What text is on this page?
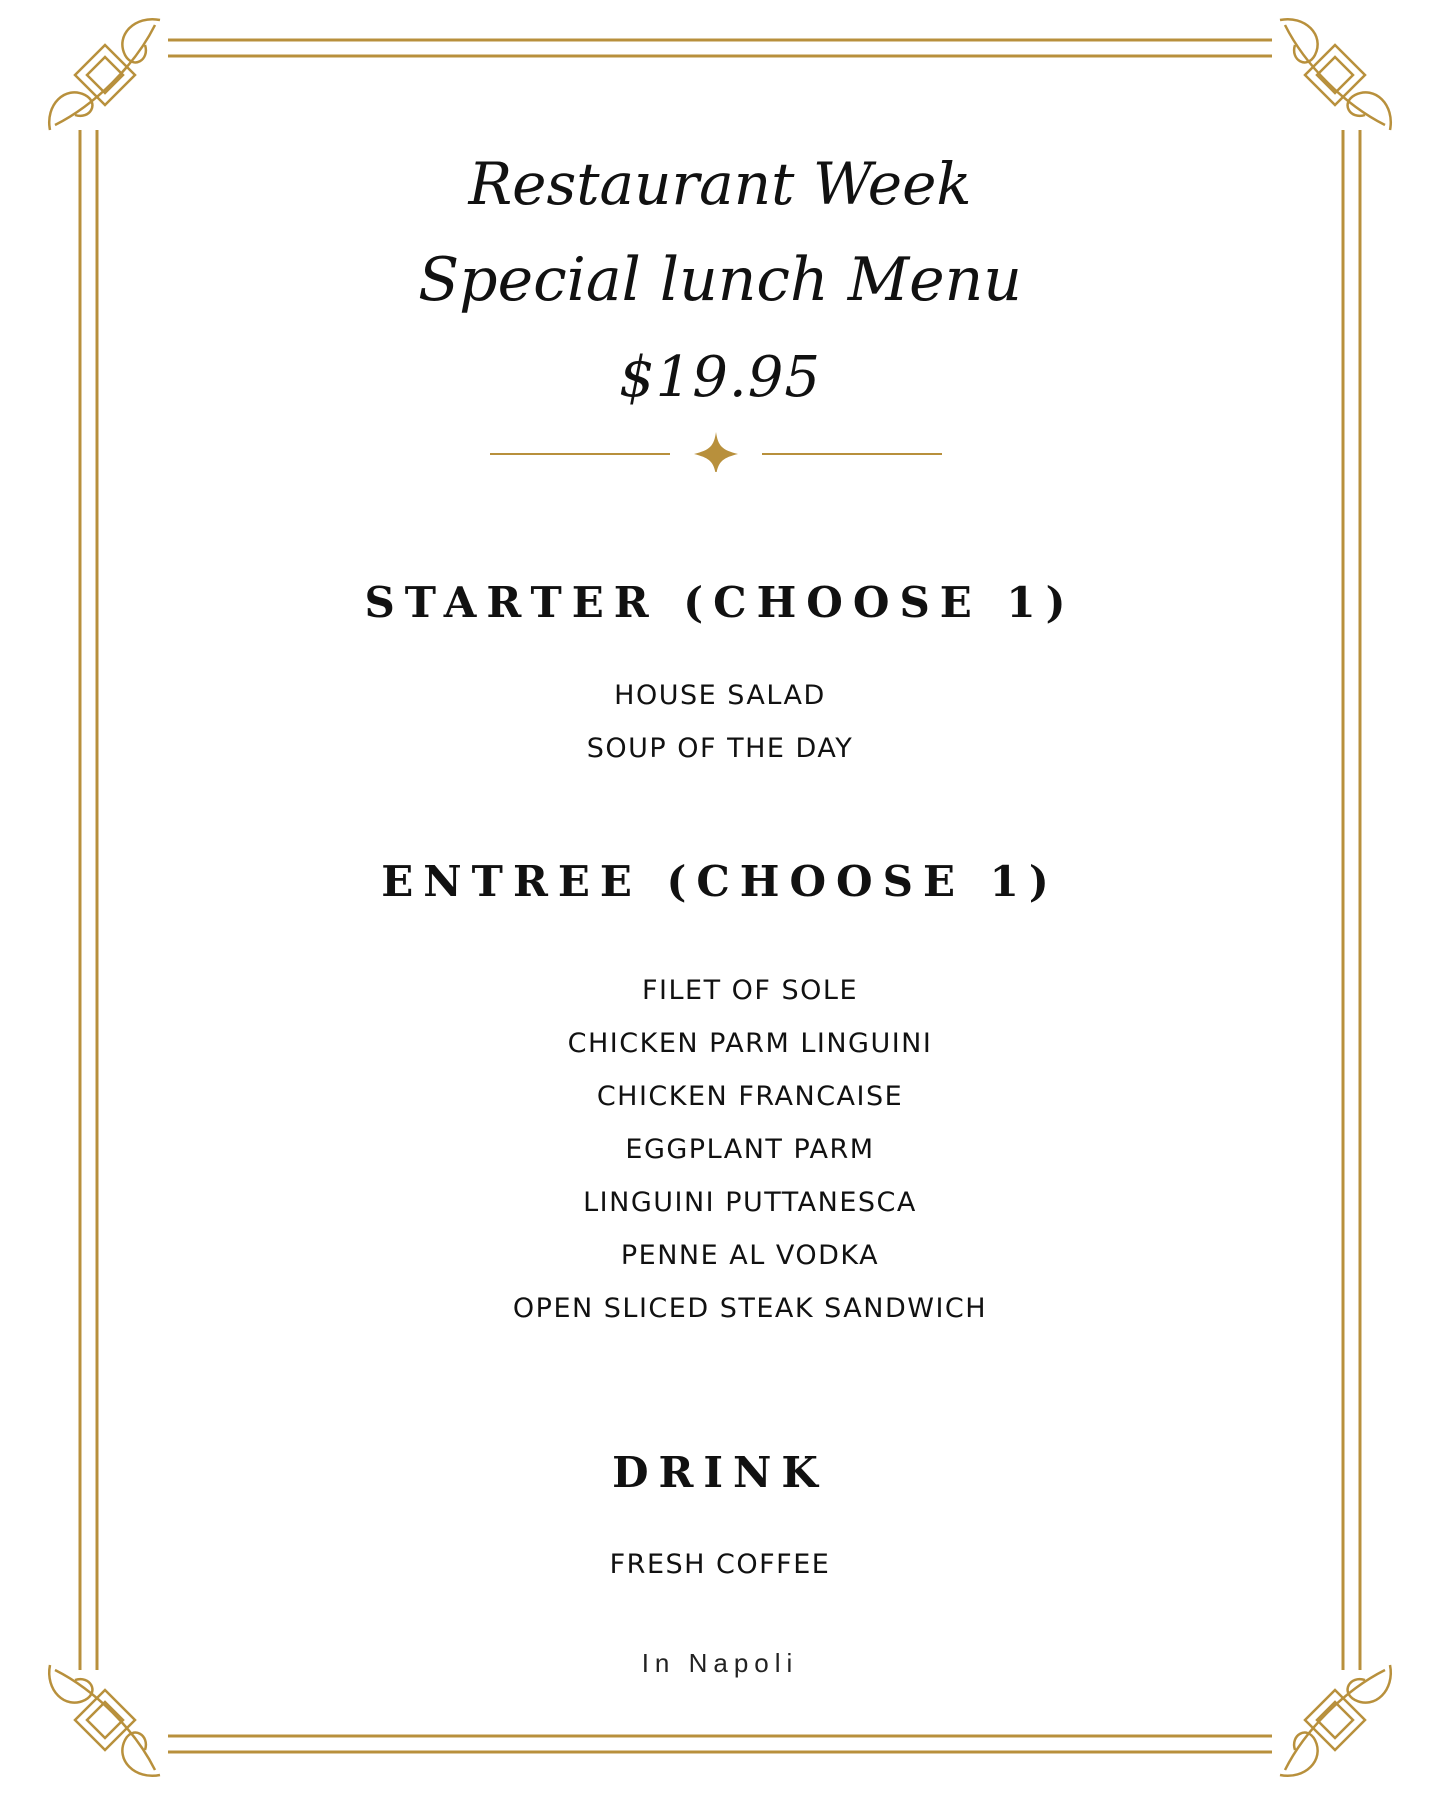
Restaurant Week
Special lunch Menu
$19.95
STARTER (CHOOSE 1)
HOUSE SALAD
SOUP OF THE DAY
ENTREE (CHOOSE 1)
FILET OF SOLE
CHICKEN PARM LINGUINI
CHICKEN FRANCAISE
EGGPLANT PARM
LINGUINI PUTTANESCA
PENNE AL VODKA
OPEN SLICED STEAK SANDWICH
DRINK
FRESH COFFEE
In Napoli
